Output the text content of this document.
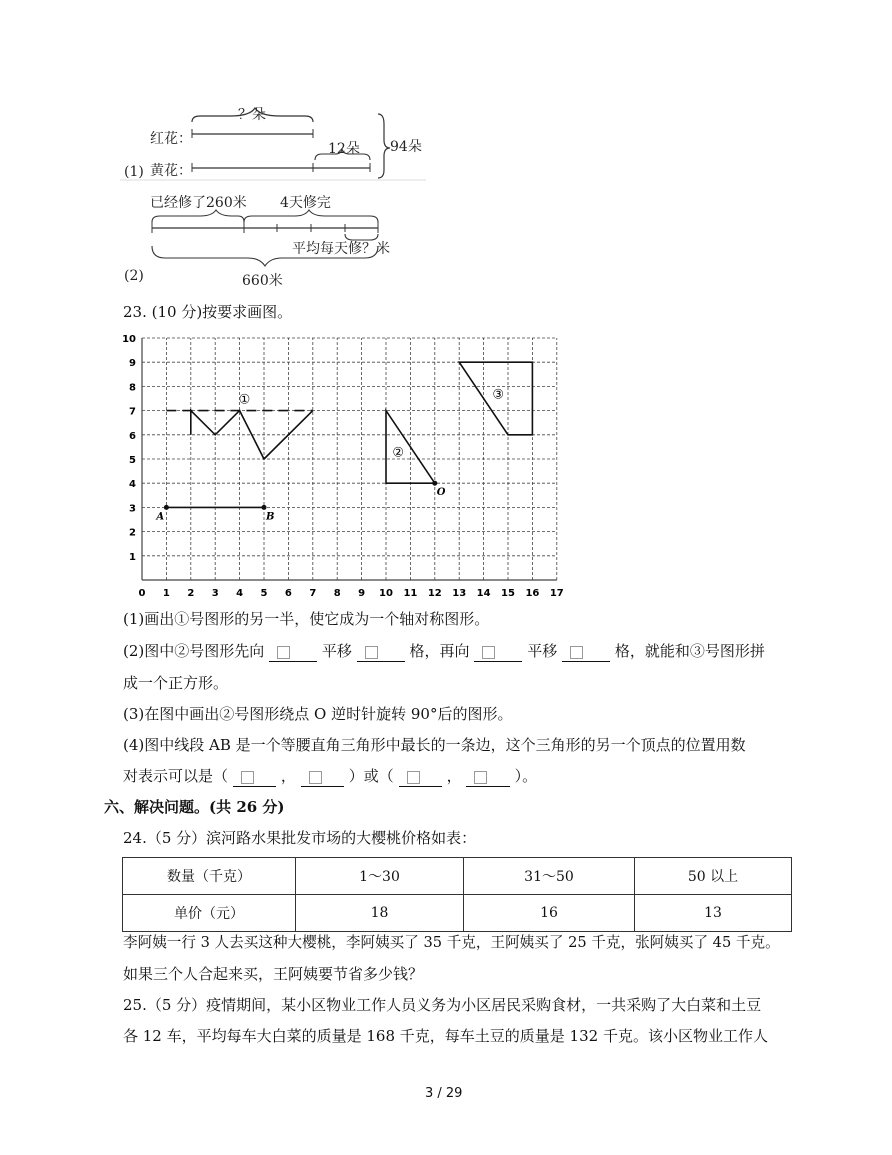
(1)
红花：
黄花：
？朵
12朵 94朵
(2)
已经修了260米 4天修完
平均每天修？米
660米
23. (10 分)按要求画图。
0 1 2 3 4 5 6 7 8 9 10 11 12 13 14 15 16 17
1
2
3
4
5
6
7
8
9
10
①
②
③
A	B
O
(1)画出①号图形的另一半，使它成为一个轴对称图形。
(2)图中②号图形先向	平移	格，再向	平移	格，就能和③号图形拼
成一个正方形。
(3)在图中画出②号图形绕点 O 逆时针旋转 90°后的图形。
(4)图中线段 AB 是一个等腰直角三角形中最长的一条边，这个三角形的另一个顶点的位置用数
对表示可以是（	，	）或（	，	）。
六、解决问题。(共 26 分)
24.（5 分）滨河路水果批发市场的大樱桃价格如表：
数量（千克）	1～30	31～50	50 以上
单价（元）	18	16	13
李阿姨一行 3 人去买这种大樱桃，李阿姨买了 35 千克，王阿姨买了 25 千克，张阿姨买了 45 千克。
如果三个人合起来买，王阿姨要节省多少钱？
25.（5 分）疫情期间，某小区物业工作人员义务为小区居民采购食材，一共采购了大白菜和土豆
各 12 车，平均每车大白菜的质量是 168 千克，每车土豆的质量是 132 千克。该小区物业工作人
3 / 29
